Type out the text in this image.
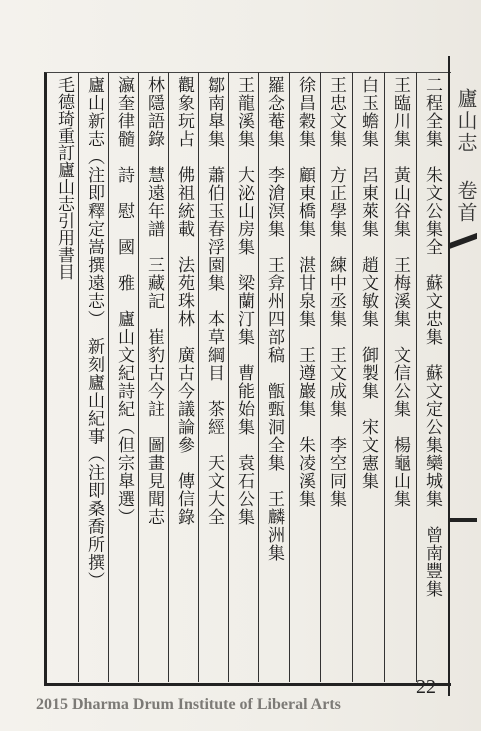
二程全集　朱文公集全　蘇文忠集　蘇文定公集欒城集　曾南豐集
王臨川集　黃山谷集　王梅溪集　文信公集　楊龜山集
白玉蟾集　呂東萊集　趙文敏集　御製集　宋文憲集
王忠文集　方正學集　練中丞集　王文成集　李空同集
徐昌穀集　顧東橋集　湛甘泉集　王遵巖集　朱凌溪集
羅念菴集　李滄溟集　王弇州四部稿　甑甄洞全集　王麟洲集
王龍溪集　大泌山房集　梁蘭汀集　曹能始集　袁石公集
鄒南臯集　蕭伯玉春浮園集　本草綱目　茶經　天文大全
觀象玩占　佛祖統載　法苑珠林　廣古今議論參　傳信錄
林隱語錄　慧遠年譜　三藏記　崔豹古今註　圖畫見聞志
瀛奎律髓　詩　慰　國　雅　廬山文紀詩紀（但宗臯選）
廬山新志（注即釋定嵩撰遠志）　新刻廬山紀事（注即桑喬所撰）
毛德琦重訂廬山志引用書目	廬山志 卷首
22
2015 Dharma Drum Institute of Liberal Arts
